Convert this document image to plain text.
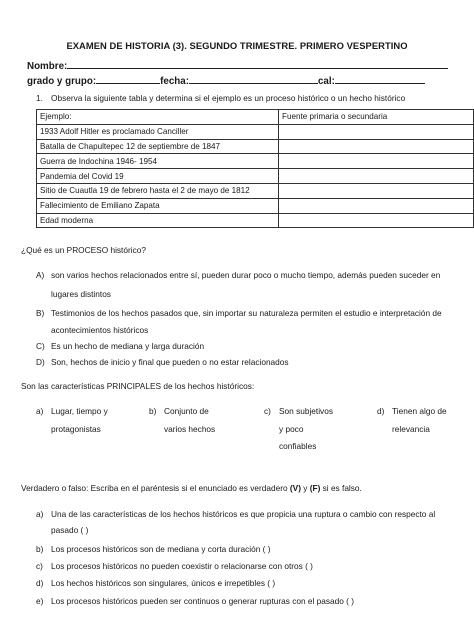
EXAMEN DE HISTORIA (3). SEGUNDO TRIMESTRE. PRIMERO VESPERTINO
Nombre:
grado y grupo:	fecha:	cal:
1. Observa la siguiente tabla y determina si el ejemplo es un proceso histórico o un hecho histórico
Ejemplo:	Fuente primaria o secundaria
1933 Adolf Hitler es proclamado Canciller	
Batalla de Chapultepec 12 de septiembre de 1847	
Guerra de Indochina 1946- 1954	
Pandemia del Covid 19	
Sitio de Cuautla 19 de febrero hasta el 2 de mayo de 1812	
Fallecimiento de Emiliano Zapata	
Edad moderna	
¿Qué es un PROCESO histórico?
A) son varios hechos relacionados entre sí, pueden durar poco o mucho tiempo, además pueden suceder en
lugares distintos
B) Testimonios de los hechos pasados que, sin importar su naturaleza permiten el estudio e interpretación de
acontecimientos históricos
C) Es un hecho de mediana y larga duración
D) Son, hechos de inicio y final que pueden o no estar relacionados
Son las características PRINCIPALES de los hechos históricos:
a) Lugar, tiempo y
protagonistas
b) Conjunto de
varios hechos
c) Son subjetivos
y poco
confiables
d) Tienen algo de
relevancia
Verdadero o falso: Escriba en el paréntesis si el enunciado es verdadero (V) y (F) si es falso.
a) Una de las características de los hechos históricos es que propicia una ruptura o cambio con respecto al
pasado ( )
b) Los procesos históricos son de mediana y corta duración ( )
c) Los procesos históricos no pueden coexistir o relacionarse con otros ( )
d) Los hechos históricos son singulares, únicos e irrepetibles ( )
e) Los procesos históricos pueden ser continuos o generar rupturas con el pasado ( )
